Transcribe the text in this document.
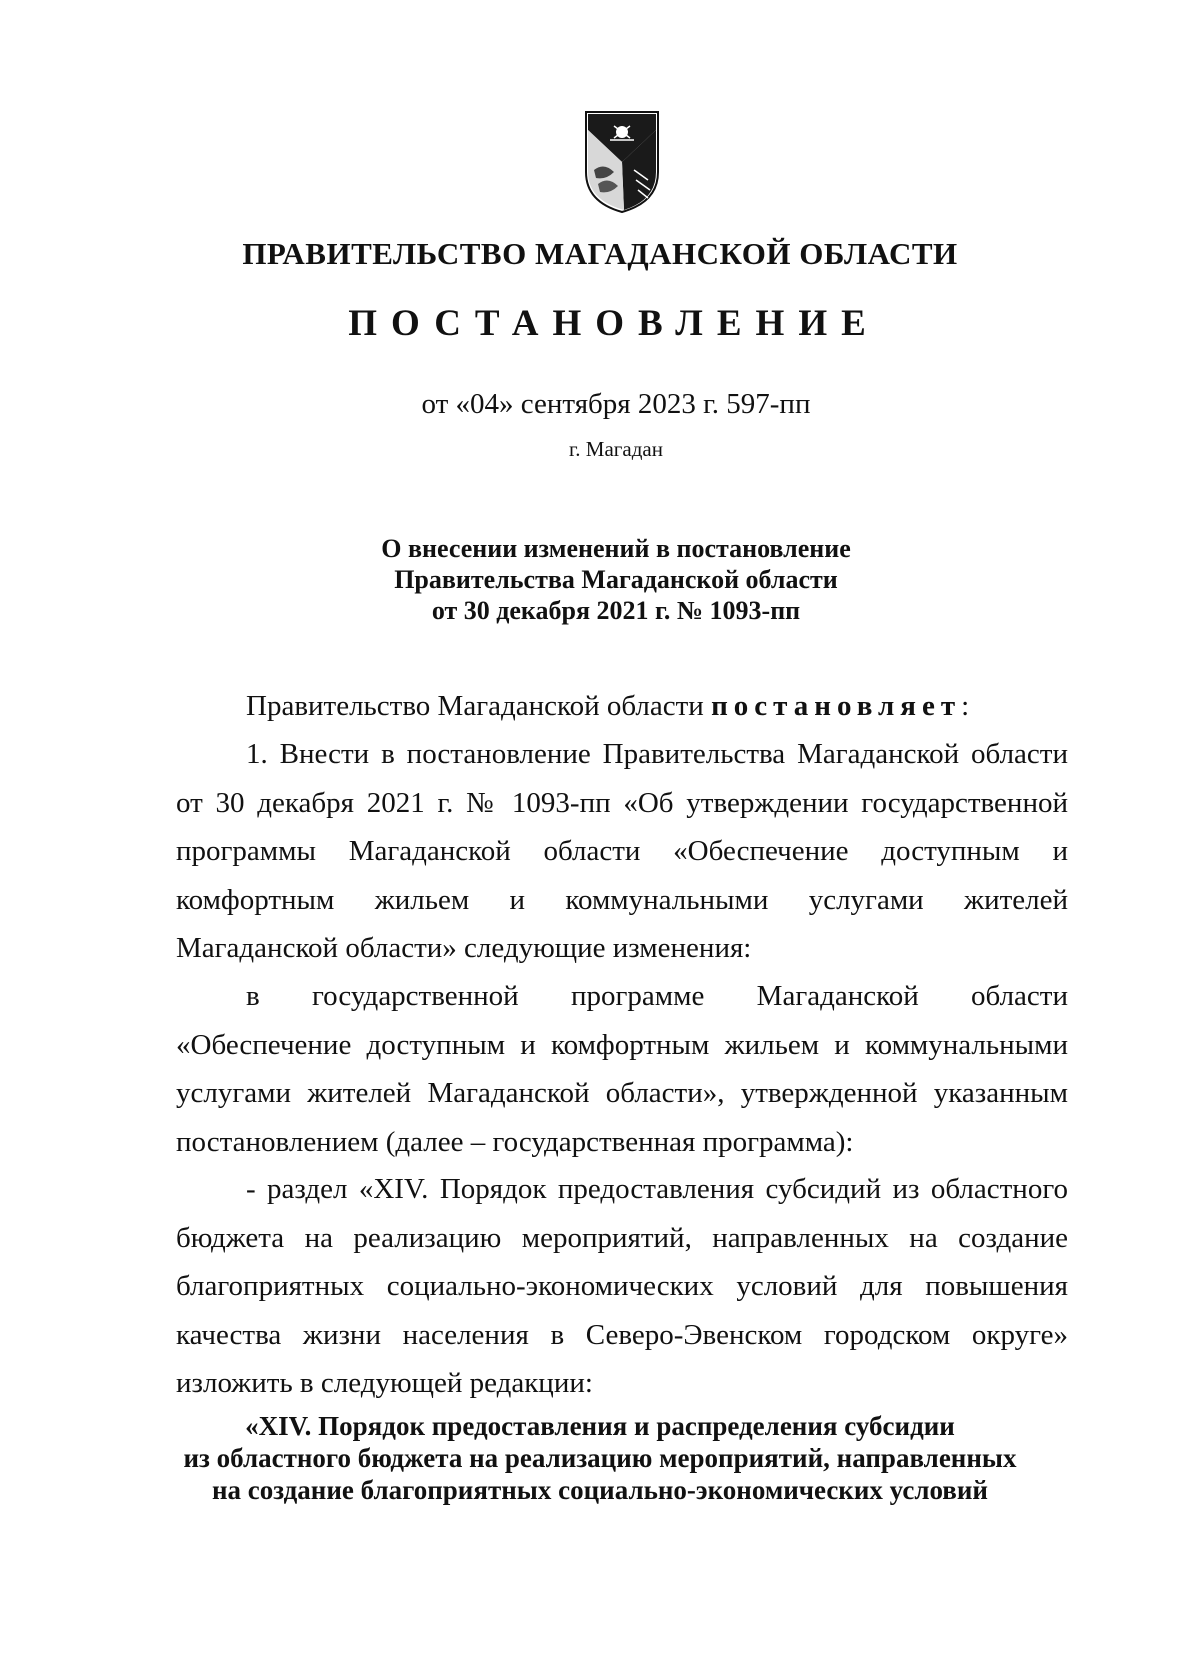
ПРАВИТЕЛЬСТВО МАГАДАНСКОЙ ОБЛАСТИ
ПОСТАНОВЛЕНИЕ
от «04» сентября 2023 г. 597-пп
г. Магадан
О внесении изменений в постановление
Правительства Магаданской области
от 30 декабря 2021 г. № 1093-пп
Правительство Магаданской области постановляет:
1. Внести в постановление Правительства Магаданской области от 30 декабря 2021 г. № 1093-пп «Об утверждении государственной программы Магаданской области «Обеспечение доступным и комфортным жильем и коммунальными услугами жителей Магаданской области» следующие изменения:
в государственной программе Магаданской области «Обеспечение доступным и комфортным жильем и коммунальными услугами жителей Магаданской области», утвержденной указанным постановлением (далее – государственная программа):
- раздел «XIV. Порядок предоставления субсидий из областного бюджета на реализацию мероприятий, направленных на создание благоприятных социально-экономических условий для повышения качества жизни населения в Северо-Эвенском городском округе» изложить в следующей редакции:
«XIV. Порядок предоставления и распределения субсидии
из областного бюджета на реализацию мероприятий, направленных
на создание благоприятных социально-экономических условий
